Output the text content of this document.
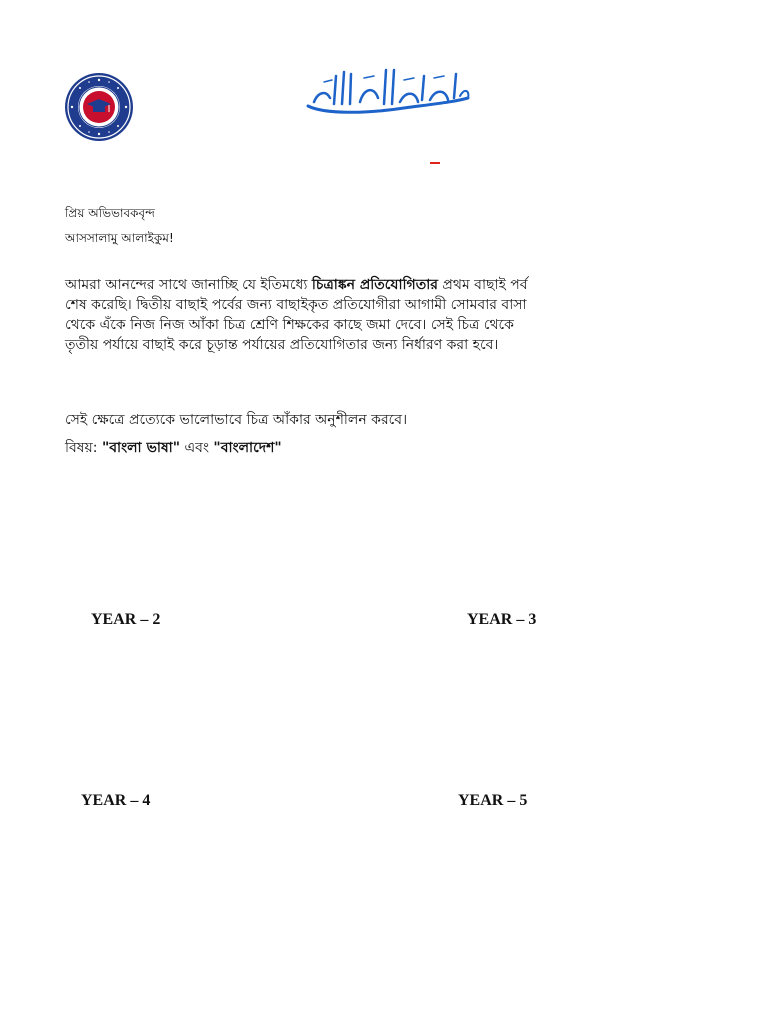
প্রিয় অভিভাবকবৃন্দ
আসসালামু আলাইকুম!
আমরা আনন্দের সাথে জানাচ্ছি যে ইতিমধ্যে চিত্রাঙ্কন প্রতিযোগিতার প্রথম বাছাই পর্ব শেষ করেছি। দ্বিতীয় বাছাই পর্বের জন্য বাছাইকৃত প্রতিযোগীরা আগামী সোমবার বাসা থেকে এঁকে নিজ নিজ আঁকা চিত্র শ্রেণি শিক্ষকের কাছে জমা দেবে। সেই চিত্র থেকে তৃতীয় পর্যায়ে বাছাই করে চূড়ান্ত পর্যায়ের প্রতিযোগিতার জন্য নির্ধারণ করা হবে।
সেই ক্ষেত্রে প্রত্যেকে ভালোভাবে চিত্র আঁকার অনুশীলন করবে।
বিষয়: "বাংলা ভাষা" এবং "বাংলাদেশ"
YEAR – 2	YEAR – 3
YEAR – 4	YEAR – 5
